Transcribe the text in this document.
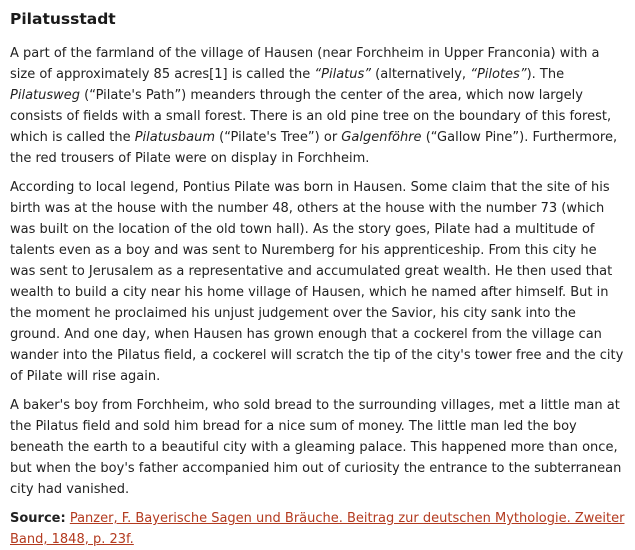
Pilatusstadt

A part of the farmland of the village of Hausen (near Forchheim in Upper Franconia) with a size of approximately 85 acres[1] is called the “Pilatus” (alternatively, “Pilotes”). The Pilatusweg (“Pilate's Path”) meanders through the center of the area, which now largely consists of fields with a small forest. There is an old pine tree on the boundary of this forest, which is called the Pilatusbaum (“Pilate's Tree”) or Galgenföhre (“Gallow Pine”). Furthermore, the red trousers of Pilate were on display in Forchheim.

According to local legend, Pontius Pilate was born in Hausen. Some claim that the site of his birth was at the house with the number 48, others at the house with the number 73 (which was built on the location of the old town hall). As the story goes, Pilate had a multitude of talents even as a boy and was sent to Nuremberg for his apprenticeship. From this city he was sent to Jerusalem as a representative and accumulated great wealth. He then used that wealth to build a city near his home village of Hausen, which he named after himself. But in the moment he proclaimed his unjust judgement over the Savior, his city sank into the ground. And one day, when Hausen has grown enough that a cockerel from the village can wander into the Pilatus field, a cockerel will scratch the tip of the city's tower free and the city of Pilate will rise again.

A baker's boy from Forchheim, who sold bread to the surrounding villages, met a little man at the Pilatus field and sold him bread for a nice sum of money. The little man led the boy beneath the earth to a beautiful city with a gleaming palace. This happened more than once, but when the boy's father accompanied him out of curiosity the entrance to the subterranean city had vanished.

Source: Panzer, F. Bayerische Sagen und Bräuche. Beitrag zur deutschen Mythologie. Zweiter Band, 1848, p. 23f.
